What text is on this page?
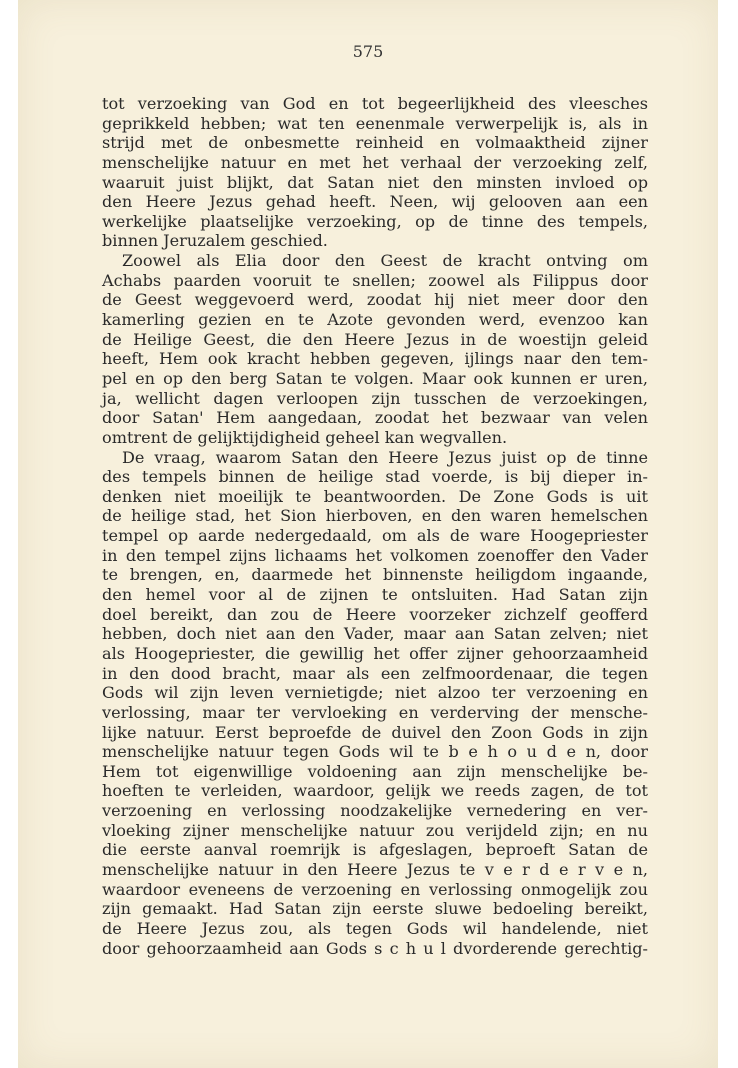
575
tot verzoeking van God en tot begeerlijkheid des vleesches
geprikkeld hebben; wat ten eenenmale verwerpelijk is, als in
strijd met de onbesmette reinheid en volmaaktheid zijner
menschelijke natuur en met het verhaal der verzoeking zelf,
waaruit juist blijkt, dat Satan niet den minsten invloed op
den Heere Jezus gehad heeft. Neen, wij gelooven aan een
werkelijke plaatselijke verzoeking, op de tinne des tempels,
binnen Jeruzalem geschied.
Zoowel als Elia door den Geest de kracht ontving om
Achabs paarden vooruit te snellen; zoowel als Filippus door
de Geest weggevoerd werd, zoodat hij niet meer door den
kamerling gezien en te Azote gevonden werd, evenzoo kan
de Heilige Geest, die den Heere Jezus in de woestijn geleid
heeft, Hem ook kracht hebben gegeven, ijlings naar den tem-
pel en op den berg Satan te volgen. Maar ook kunnen er uren,
ja, wellicht dagen verloopen zijn tusschen de verzoekingen,
door Satan' Hem aangedaan, zoodat het bezwaar van velen
omtrent de gelijktijdigheid geheel kan wegvallen.
De vraag, waarom Satan den Heere Jezus juist op de tinne
des tempels binnen de heilige stad voerde, is bij dieper in-
denken niet moeilijk te beantwoorden. De Zone Gods is uit
de heilige stad, het Sion hierboven, en den waren hemelschen
tempel op aarde nedergedaald, om als de ware Hoogepriester
in den tempel zijns lichaams het volkomen zoenoffer den Vader
te brengen, en, daarmede het binnenste heiligdom ingaande,
den hemel voor al de zijnen te ontsluiten. Had Satan zijn
doel bereikt, dan zou de Heere voorzeker zichzelf geofferd
hebben, doch niet aan den Vader, maar aan Satan zelven; niet
als Hoogepriester, die gewillig het offer zijner gehoorzaamheid
in den dood bracht, maar als een zelfmoordenaar, die tegen
Gods wil zijn leven vernietigde; niet alzoo ter verzoening en
verlossing, maar ter vervloeking en verderving der mensche-
lijke natuur. Eerst beproefde de duivel den Zoon Gods in zijn
menschelijke natuur tegen Gods wil te b e h o u d e n, door
Hem tot eigenwillige voldoening aan zijn menschelijke be-
hoeften te verleiden, waardoor, gelijk we reeds zagen, de tot
verzoening en verlossing noodzakelijke vernedering en ver-
vloeking zijner menschelijke natuur zou verijdeld zijn; en nu
die eerste aanval roemrijk is afgeslagen, beproeft Satan de
menschelijke natuur in den Heere Jezus te v e r d e r v e n,
waardoor eveneens de verzoening en verlossing onmogelijk zou
zijn gemaakt. Had Satan zijn eerste sluwe bedoeling bereikt,
de Heere Jezus zou, als tegen Gods wil handelende, niet
door gehoorzaamheid aan Gods s c h u l dvorderende gerechtig-
